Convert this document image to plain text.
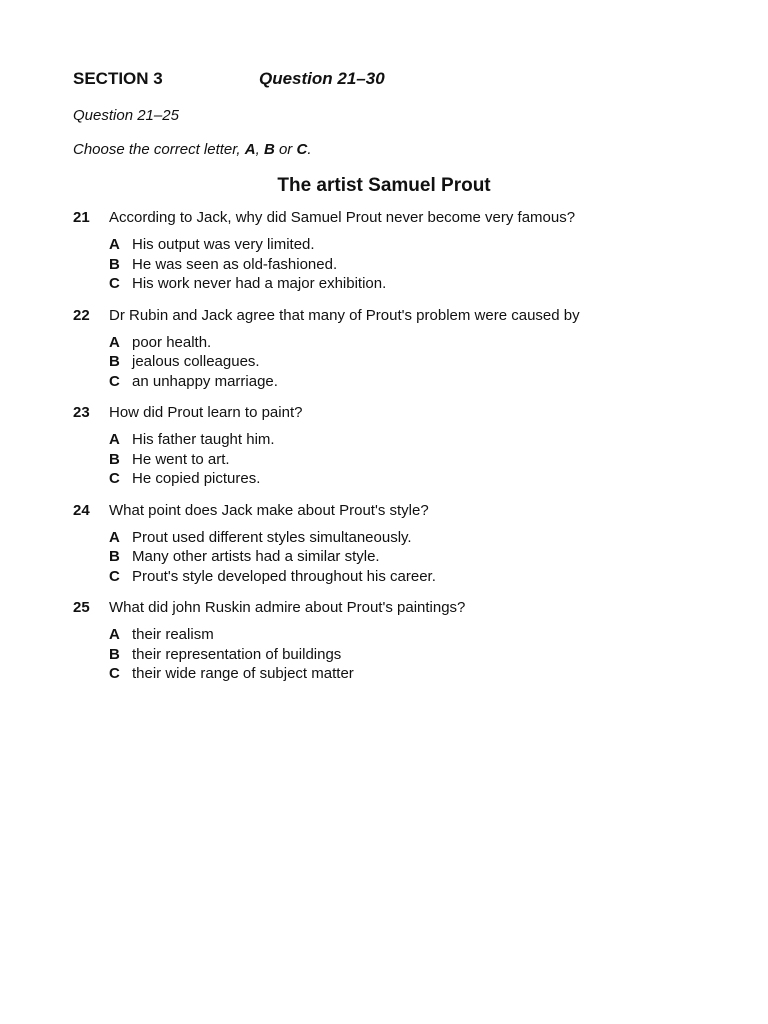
SECTION 3	Question 21–30
Question 21–25
Choose the correct letter, A, B or C.
The artist Samuel Prout
21	According to Jack, why did Samuel Prout never become very famous?
A His output was very limited.
B He was seen as old-fashioned.
C His work never had a major exhibition.
22	Dr Rubin and Jack agree that many of Prout's problem were caused by
A poor health.
B jealous colleagues.
C an unhappy marriage.
23	How did Prout learn to paint?
A His father taught him.
B He went to art.
C He copied pictures.
24	What point does Jack make about Prout's style?
A Prout used different styles simultaneously.
B Many other artists had a similar style.
C Prout's style developed throughout his career.
25	What did john Ruskin admire about Prout's paintings?
A their realism
B their representation of buildings
C their wide range of subject matter
